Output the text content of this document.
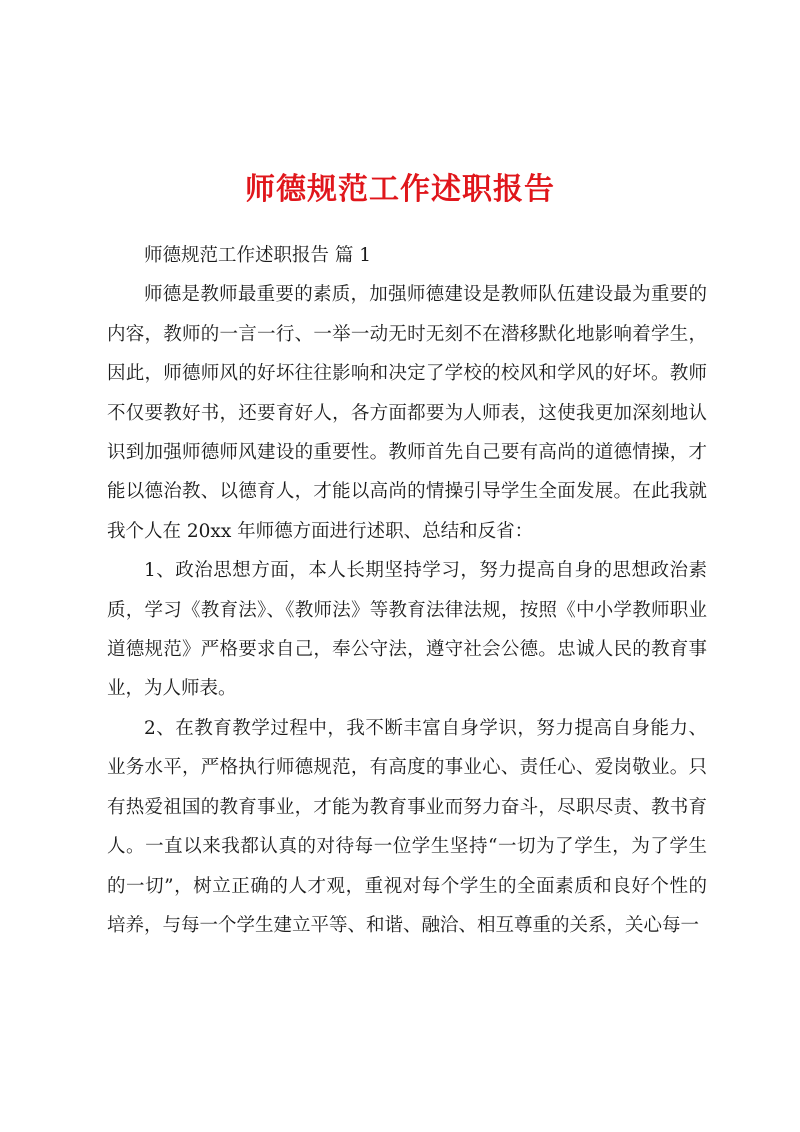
师德规范工作述职报告

师德规范工作述职报告 篇 1

师德是教师最重要的素质，加强师德建设是教师队伍建设最为重要的内容，教师的一言一行、一举一动无时无刻不在潜移默化地影响着学生，因此，师德师风的好坏往往影响和决定了学校的校风和学风的好坏。教师不仅要教好书，还要育好人，各方面都要为人师表，这使我更加深刻地认识到加强师德师风建设的重要性。教师首先自己要有高尚的道德情操，才能以德治教、以德育人，才能以高尚的情操引导学生全面发展。在此我就我个人在 20xx 年师德方面进行述职、总结和反省：

1、政治思想方面，本人长期坚持学习，努力提高自身的思想政治素质，学习《教育法》、《教师法》等教育法律法规，按照《中小学教师职业道德规范》严格要求自己，奉公守法，遵守社会公德。忠诚人民的教育事业，为人师表。

2、在教育教学过程中，我不断丰富自身学识，努力提高自身能力、业务水平，严格执行师德规范，有高度的事业心、责任心、爱岗敬业。只有热爱祖国的教育事业，才能为教育事业而努力奋斗，尽职尽责、教书育人。一直以来我都认真的对待每一位学生坚持“一切为了学生，为了学生的一切”，树立正确的人才观，重视对每个学生的全面素质和良好个性的培养，与每一个学生建立平等、和谐、融洽、相互尊重的关系，关心每一
